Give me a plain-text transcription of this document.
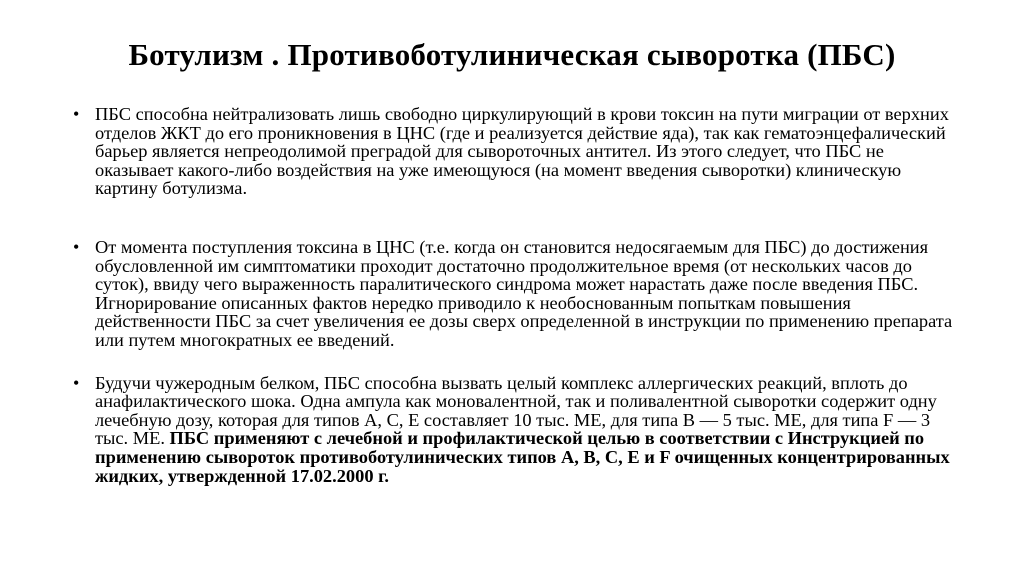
Ботулизм . Противоботулиническая сыворотка (ПБС)
• ПБС способна нейтрализовать лишь свободно циркулирующий в крови токсин на пути миграции от верхних отделов ЖКТ до его проникновения в ЦНС (где и реализуется действие яда), так как гематоэнцефалический барьер является непреодолимой преградой для сывороточных антител. Из этого следует, что ПБС не оказывает какого-либо воздействия на уже имеющуюся (на момент введения сыворотки) клиническую картину ботулизма.
• От момента поступления токсина в ЦНС (т.е. когда он становится недосягаемым для ПБС) до достижения обусловленной им симптоматики проходит достаточно продолжительное время (от нескольких часов до суток), ввиду чего выраженность паралитического синдрома может нарастать даже после введения ПБС. Игнорирование описанных фактов нередко приводило к необоснованным попыткам повышения действенности ПБС за счет увеличения ее дозы сверх определенной в инструкции по применению препарата или путем многократных ее введений.
• Будучи чужеродным белком, ПБС способна вызвать целый комплекс аллергических реакций, вплоть до анафилактического шока. Одна ампула как моновалентной, так и поливалентной сыворотки содержит одну лечебную дозу, которая для типов А, С, Е составляет 10 тыс. МЕ, для типа В — 5 тыс. МЕ, для типа F — 3 тыс. МЕ. ПБС применяют с лечебной и профилактической целью в соответствии с Инструкцией по применению сывороток противоботулинических типов А, В, С, Е и F очищенных концентрированных жидких, утвержденной 17.02.2000 г.
